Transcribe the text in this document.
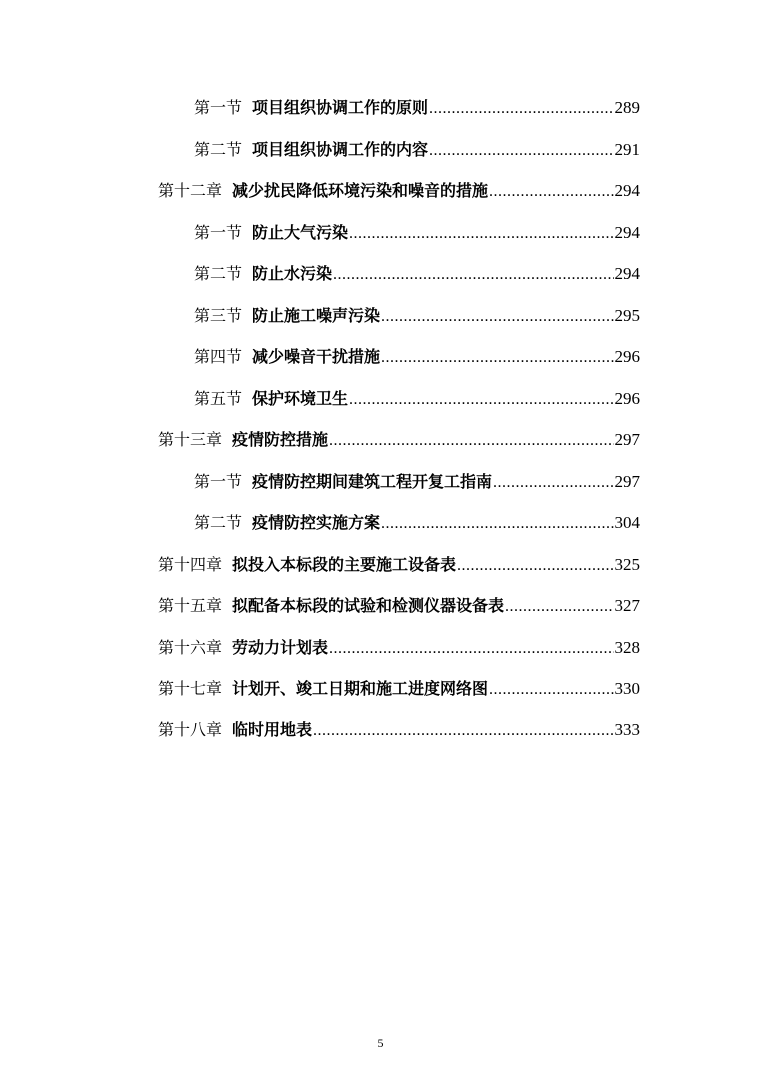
第一节 项目组织协调工作的原则 .....	289
第二节 项目组织协调工作的内容 .....	291
第十二章 减少扰民降低环境污染和噪音的措施 .....	294
第一节 防止大气污染 .....	294
第二节 防止水污染 .....	294
第三节 防止施工噪声污染 .....	295
第四节 减少噪音干扰措施 .....	296
第五节 保护环境卫生 .....	296
第十三章 疫情防控措施 .....	297
第一节 疫情防控期间建筑工程开复工指南 .....	297
第二节 疫情防控实施方案 .....	304
第十四章 拟投入本标段的主要施工设备表 .....	325
第十五章 拟配备本标段的试验和检测仪器设备表 .....	327
第十六章 劳动力计划表 .....	328
第十七章 计划开、竣工日期和施工进度网络图 .....	330
第十八章 临时用地表 .....	333
5
